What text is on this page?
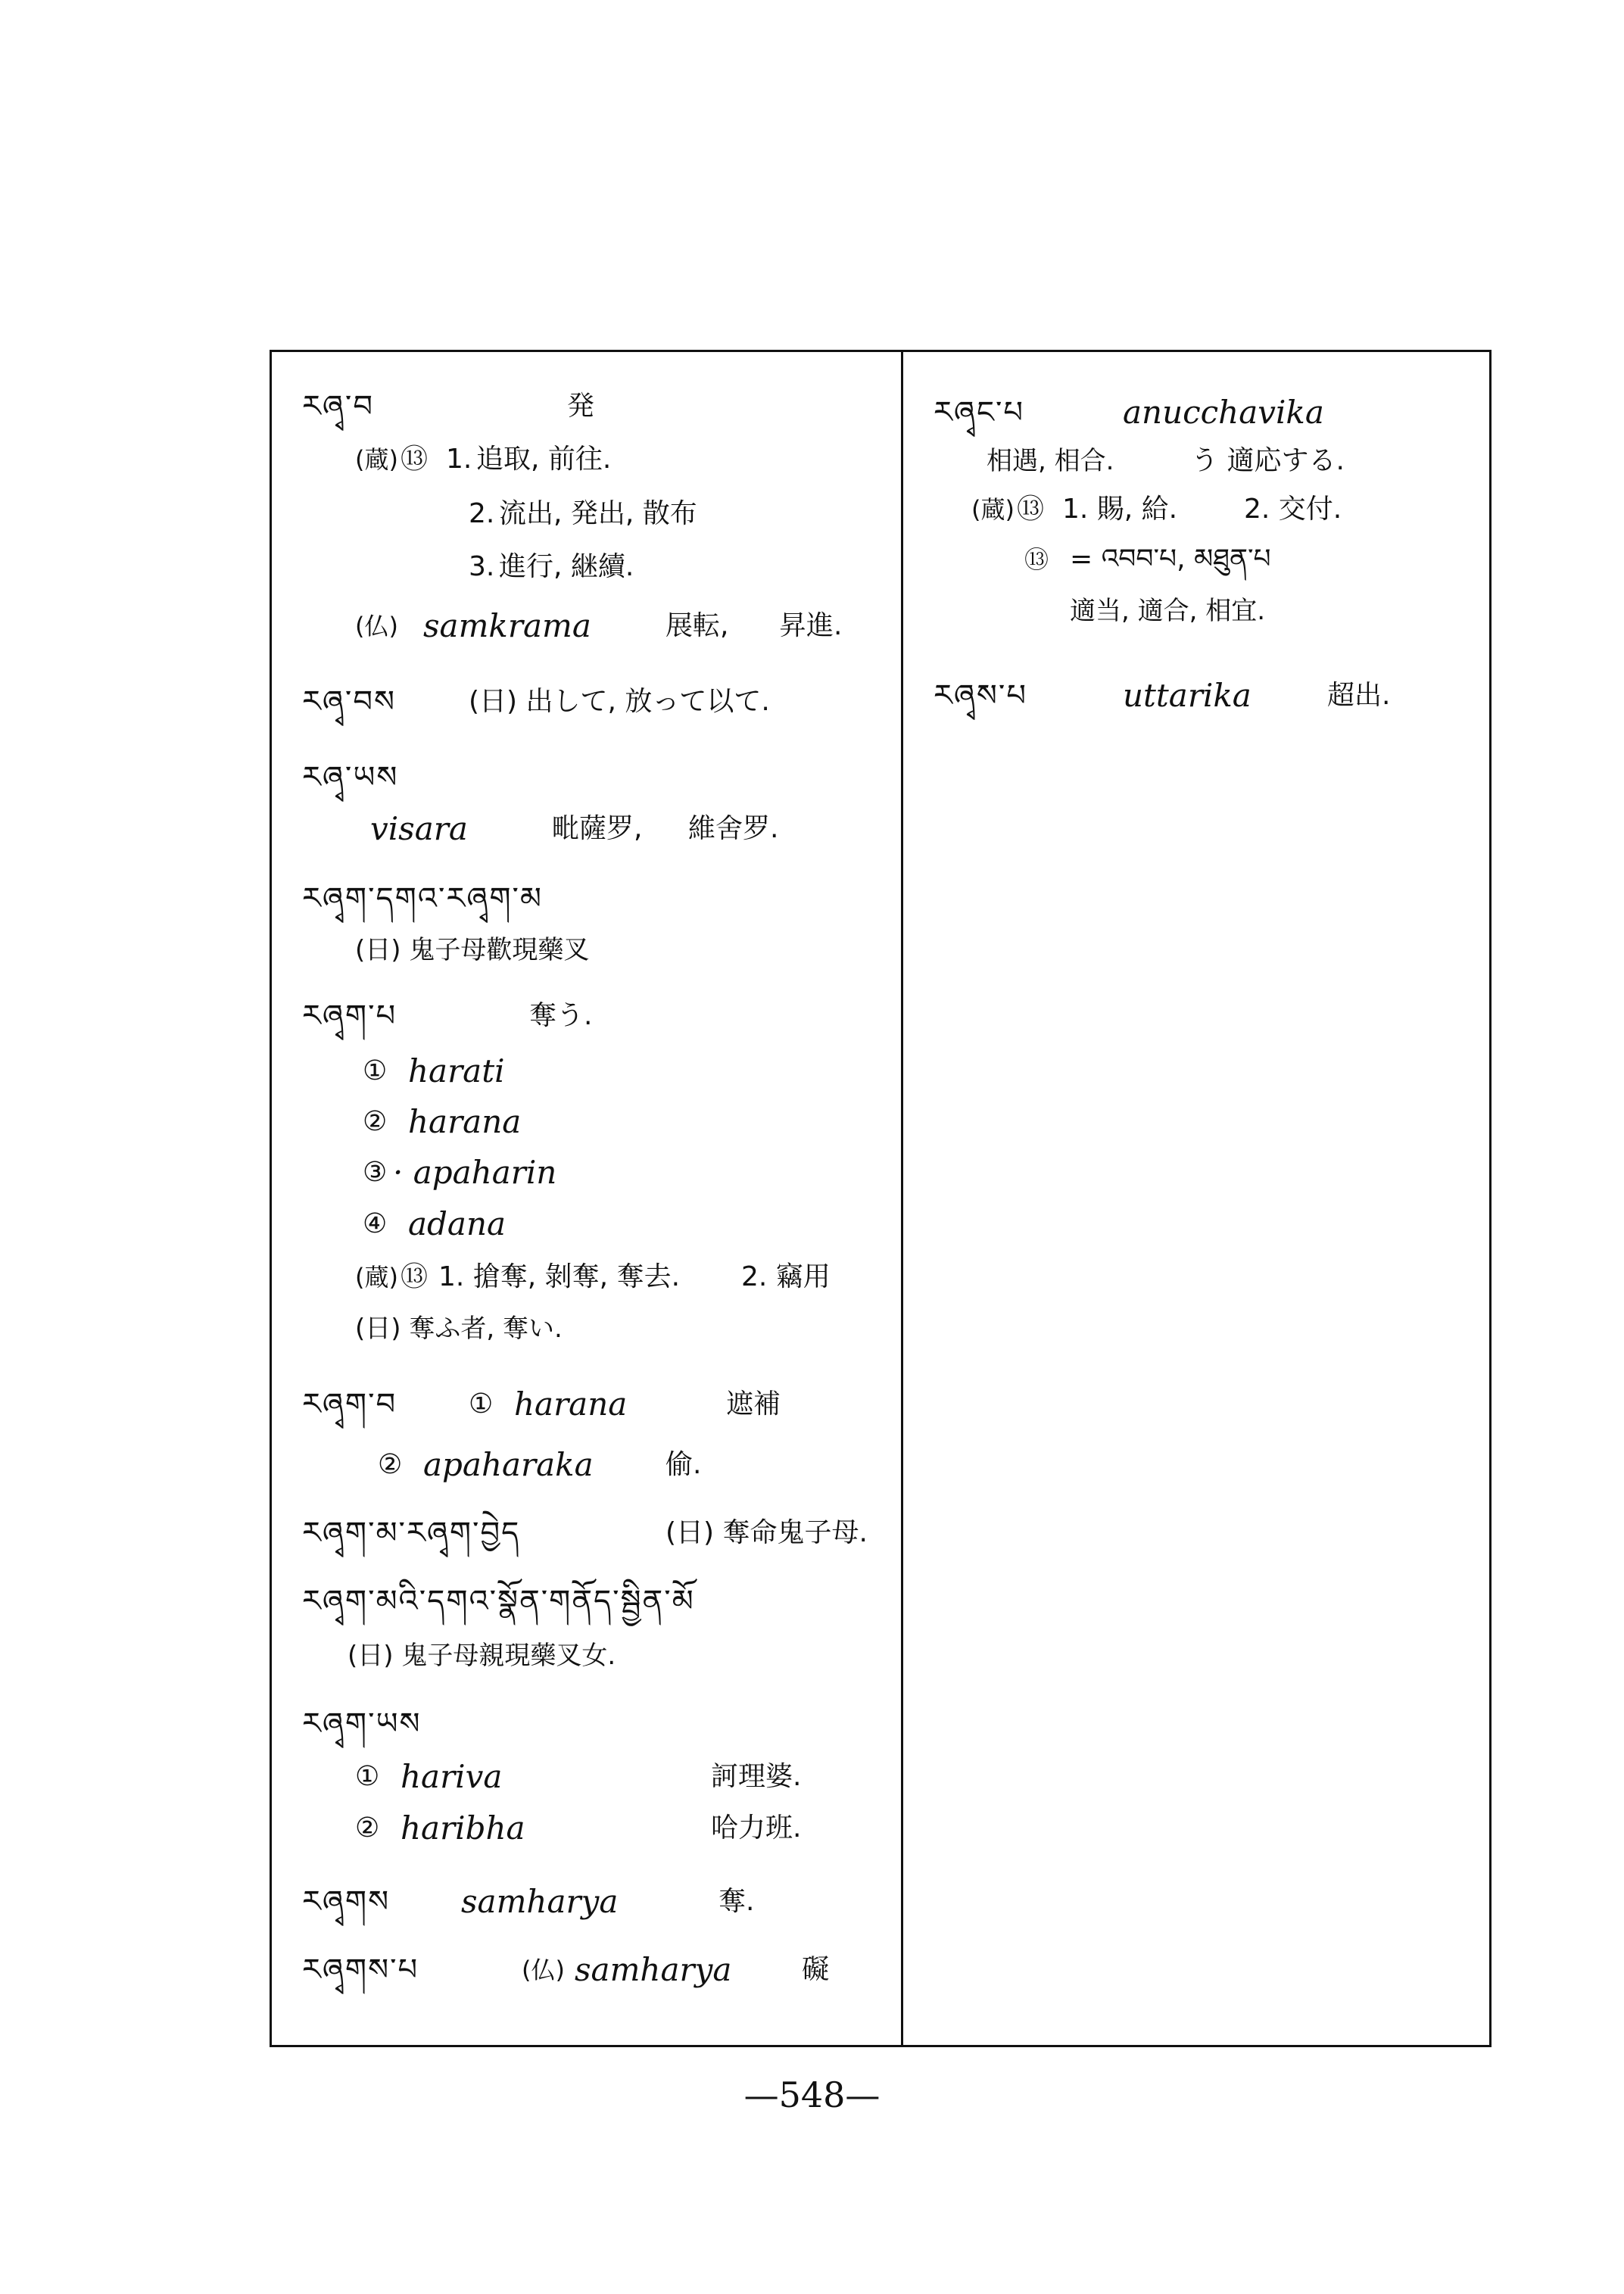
ཪཞྭ་བ	発
(蔵) ⑬ 1. 追取, 前往.
2. 流出, 発出, 散布
3. 進行, 継續.
(仏) samkrama	展転, 昇進.
ཪཞྭ་བས	(日) 出して, 放って以て.
ཪཞྭ་ཡས
visara	毗薩罗, 維舍罗.
ཪཞྭག་དགའ་ཪཞྭག་མ
(日) 鬼子母歡現藥叉
ཪཞྭག་པ	奪う.
① harati
② harana
③ · apaharin
④ adana
(蔵) ⑬ 1. 搶奪, 剝奪, 奪去. 2. 竊用
(日) 奪ふ者, 奪い.
ཪཞྭག་བ	① harana	遮補
② apaharaka	偷.
ཪཞྭག་མ་ཪཞྭག་བྱེད	(日) 奪命鬼子母.
ཪཞྭག་མའི་དགའ་སྣོན་གནོད་སྦྱིན་མོ
(日) 鬼子母親現藥叉女.
ཪཞྭག་ཡས
① hariva	訶理婆.
② haribha	哈力班.
ཪཞྭགས samharya	奪.
ཪཞྭགས་པ	(仏) samharya	礙
ཪཞྭང་པ	anucchavika
相遇, 相合.	う 適応する.
(蔵) ⑬ 1. 賜, 給. 2. 交付.
⑬ = འབབ་པ, མཐུན་པ
適当, 適合, 相宜.
ཪཞྭས་པ	uttarika	超出.
—548—
